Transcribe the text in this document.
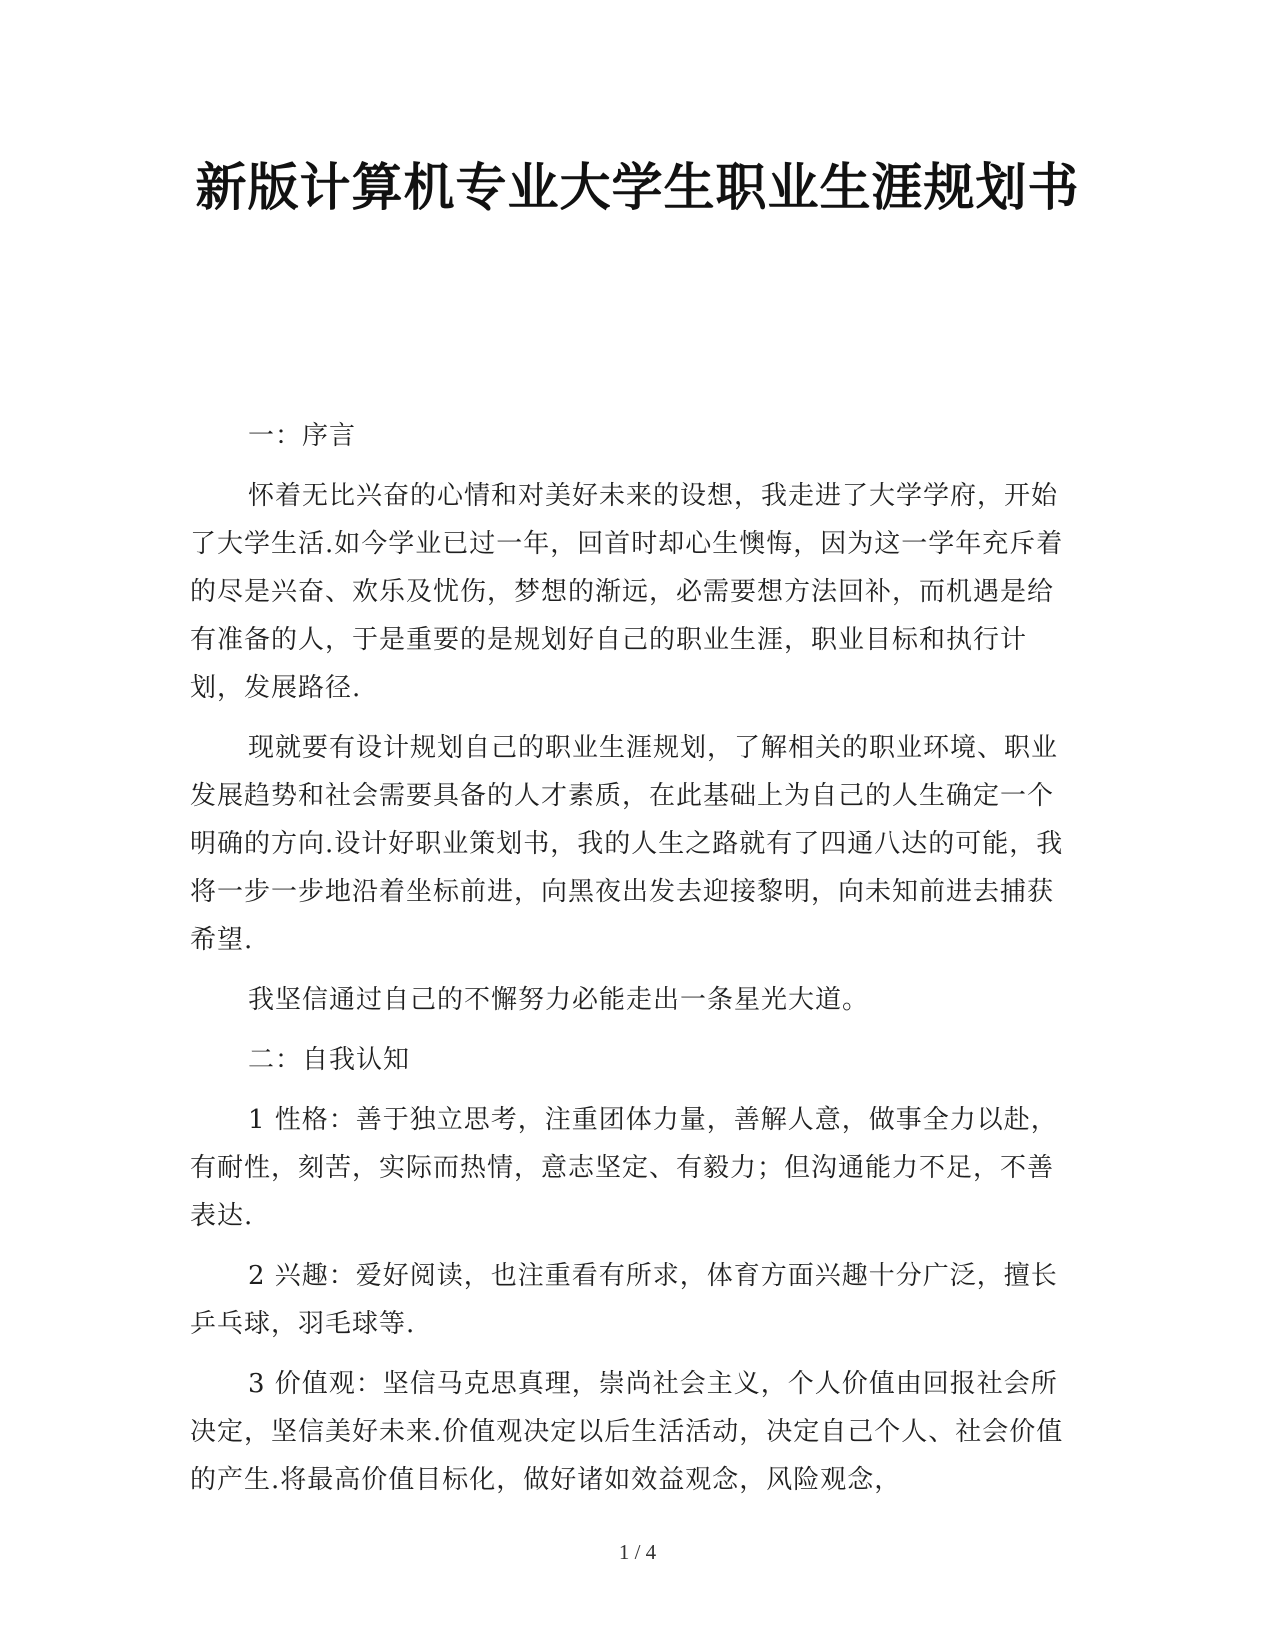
新版计算机专业大学生职业生涯规划书

一：序言

怀着无比兴奋的心情和对美好未来的设想，我走进了大学学府，开始了大学生活.如今学业已过一年，回首时却心生懊悔，因为这一学年充斥着的尽是兴奋、欢乐及忧伤，梦想的渐远，必需要想方法回补，而机遇是给有准备的人，于是重要的是规划好自己的职业生涯，职业目标和执行计划，发展路径.

现就要有设计规划自己的职业生涯规划，了解相关的职业环境、职业发展趋势和社会需要具备的人才素质，在此基础上为自己的人生确定一个明确的方向.设计好职业策划书，我的人生之路就有了四通八达的可能，我将一步一步地沿着坐标前进，向黑夜出发去迎接黎明，向未知前进去捕获希望.

我坚信通过自己的不懈努力必能走出一条星光大道。

二：自我认知

1 性格：善于独立思考，注重团体力量，善解人意，做事全力以赴，有耐性，刻苦，实际而热情，意志坚定、有毅力；但沟通能力不足，不善表达.

2 兴趣：爱好阅读，也注重看有所求，体育方面兴趣十分广泛，擅长乒乓球，羽毛球等.

3 价值观：坚信马克思真理，崇尚社会主义，个人价值由回报社会所决定，坚信美好未来.价值观决定以后生活活动，决定自己个人、社会价值的产生.将最高价值目标化，做好诸如效益观念，风险观念，

1 / 4
